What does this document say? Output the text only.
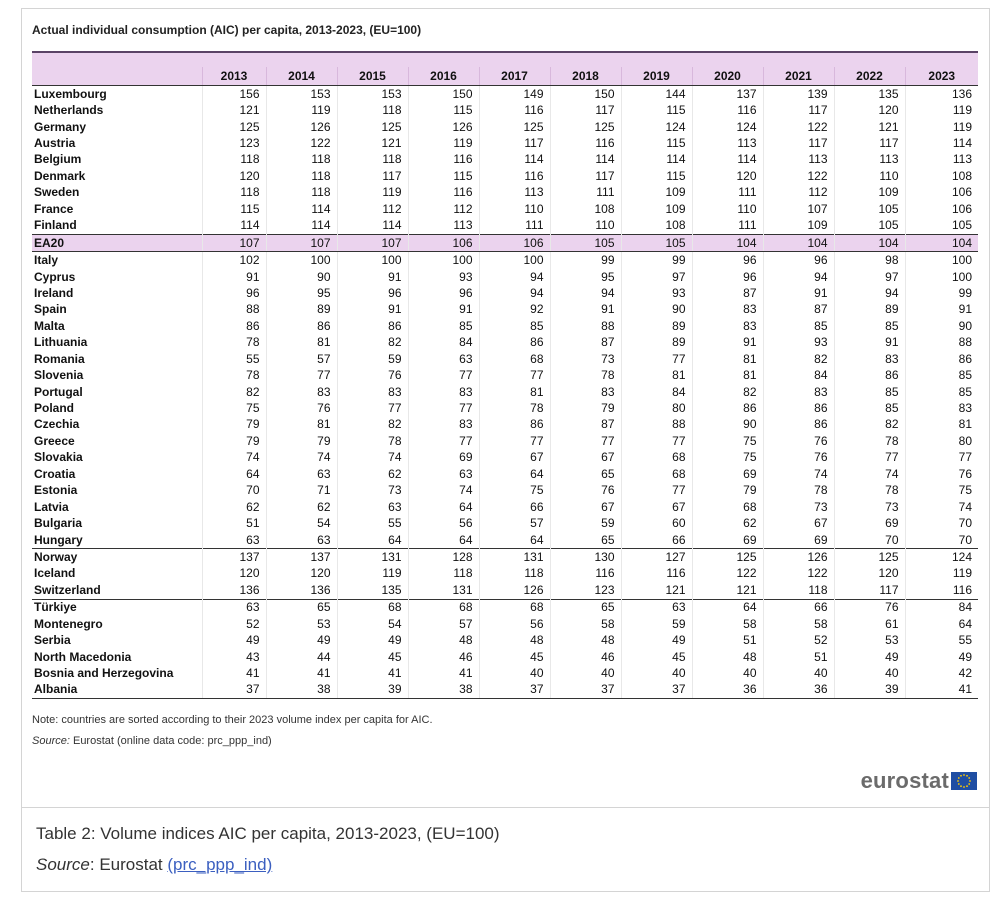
Actual individual consumption (AIC) per capita, 2013-2023, (EU=100)

	2013	2014	2015	2016	2017	2018	2019	2020	2021	2022	2023
Luxembourg	156	153	153	150	149	150	144	137	139	135	136
Netherlands	121	119	118	115	116	117	115	116	117	120	119
Germany	125	126	125	126	125	125	124	124	122	121	119
Austria	123	122	121	119	117	116	115	113	117	117	114
Belgium	118	118	118	116	114	114	114	114	113	113	113
Denmark	120	118	117	115	116	117	115	120	122	110	108
Sweden	118	118	119	116	113	111	109	111	112	109	106
France	115	114	112	112	110	108	109	110	107	105	106
Finland	114	114	114	113	111	110	108	111	109	105	105
EA20	107	107	107	106	106	105	105	104	104	104	104
Italy	102	100	100	100	100	99	99	96	96	98	100
Cyprus	91	90	91	93	94	95	97	96	94	97	100
Ireland	96	95	96	96	94	94	93	87	91	94	99
Spain	88	89	91	91	92	91	90	83	87	89	91
Malta	86	86	86	85	85	88	89	83	85	85	90
Lithuania	78	81	82	84	86	87	89	91	93	91	88
Romania	55	57	59	63	68	73	77	81	82	83	86
Slovenia	78	77	76	77	77	78	81	81	84	86	85
Portugal	82	83	83	83	81	83	84	82	83	85	85
Poland	75	76	77	77	78	79	80	86	86	85	83
Czechia	79	81	82	83	86	87	88	90	86	82	81
Greece	79	79	78	77	77	77	77	75	76	78	80
Slovakia	74	74	74	69	67	67	68	75	76	77	77
Croatia	64	63	62	63	64	65	68	69	74	74	76
Estonia	70	71	73	74	75	76	77	79	78	78	75
Latvia	62	62	63	64	66	67	67	68	73	73	74
Bulgaria	51	54	55	56	57	59	60	62	67	69	70
Hungary	63	63	64	64	64	65	66	69	69	70	70
Norway	137	137	131	128	131	130	127	125	126	125	124
Iceland	120	120	119	118	118	116	116	122	122	120	119
Switzerland	136	136	135	131	126	123	121	121	118	117	116
Türkiye	63	65	68	68	68	65	63	64	66	76	84
Montenegro	52	53	54	57	56	58	59	58	58	61	64
Serbia	49	49	49	48	48	48	49	51	52	53	55
North Macedonia	43	44	45	46	45	46	45	48	51	49	49
Bosnia and Herzegovina	41	41	41	41	40	40	40	40	40	40	42
Albania	37	38	39	38	37	37	37	36	36	39	41
Note: countries are sorted according to their 2023 volume index per capita for AIC.
Source: Eurostat (online data code: prc_ppp_ind)
eurostat
Table 2: Volume indices AIC per capita, 2013-2023, (EU=100)
Source: Eurostat (prc_ppp_ind)
